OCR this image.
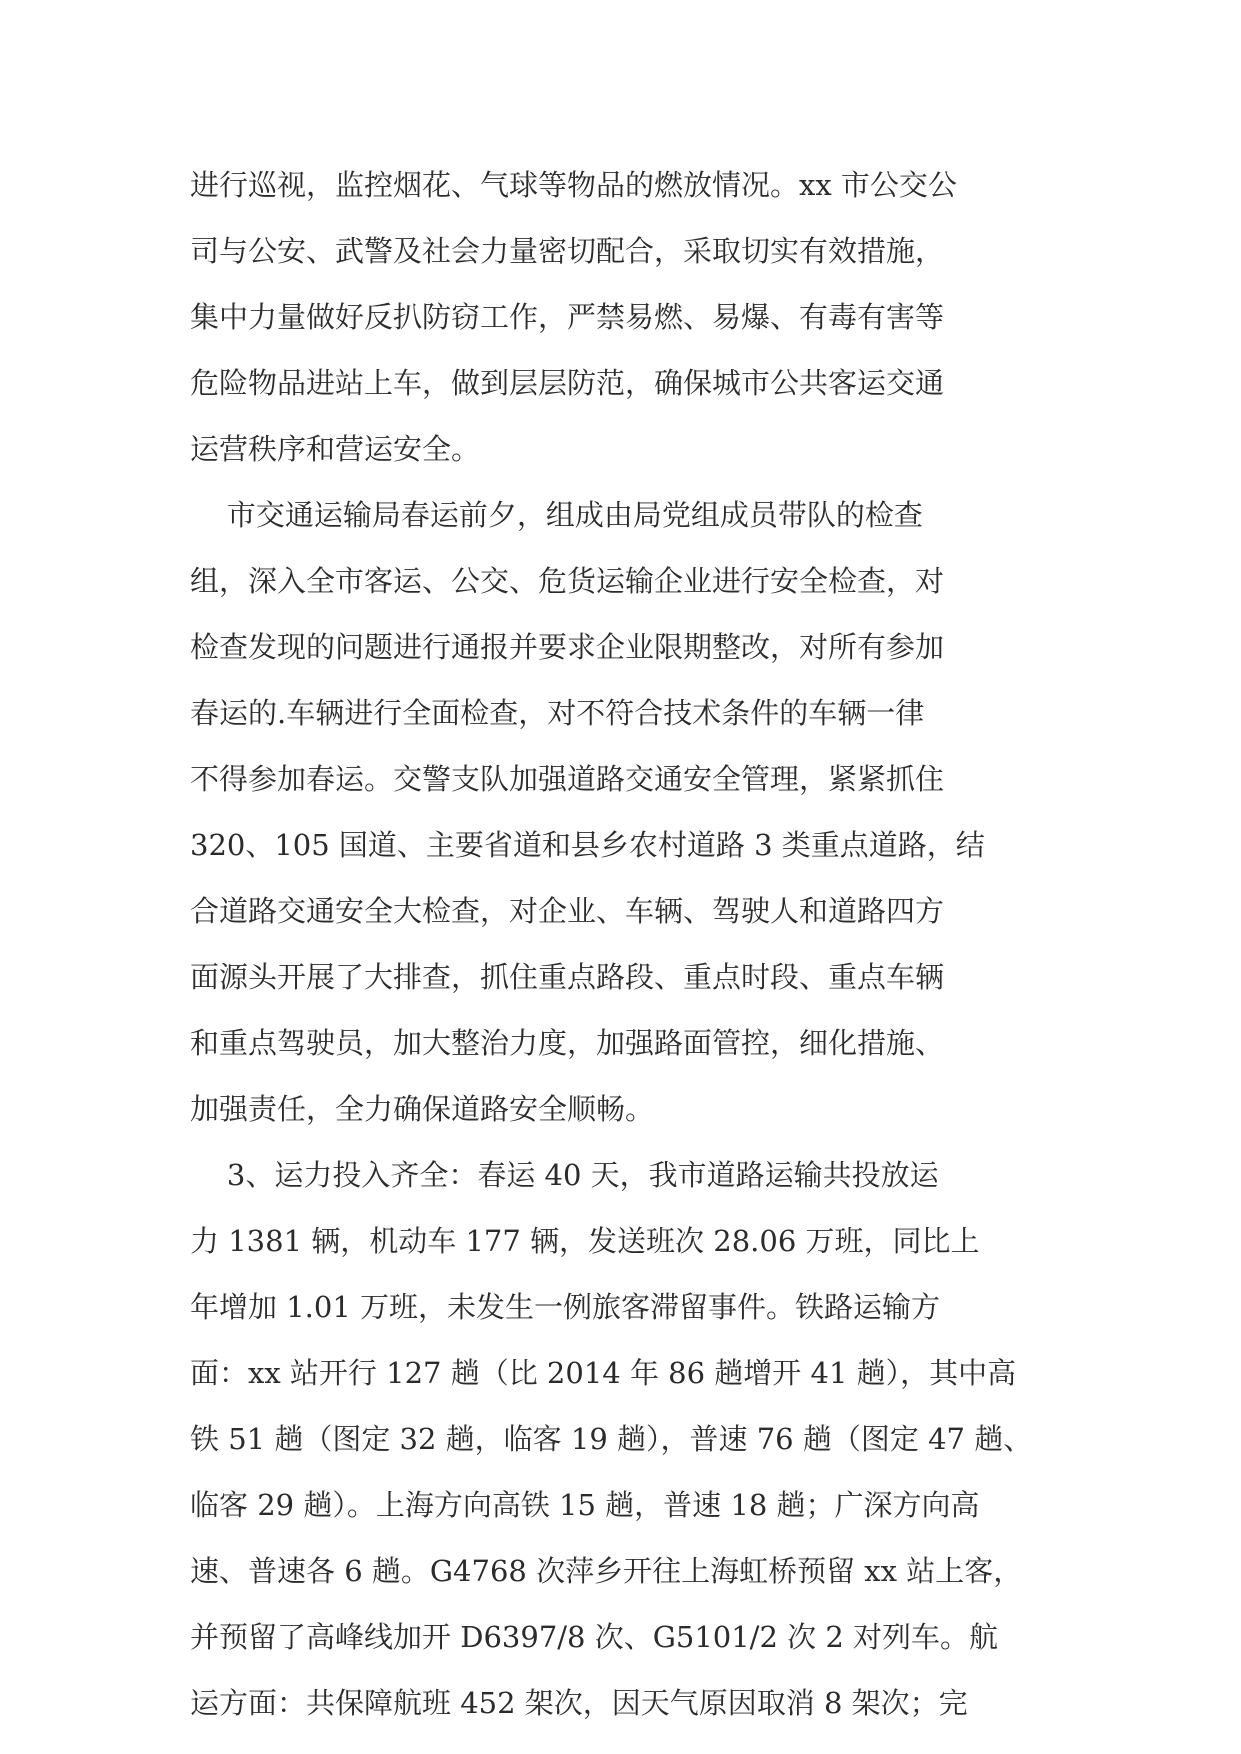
进行巡视，监控烟花、气球等物品的燃放情况。xx 市公交公
司与公安、武警及社会力量密切配合，采取切实有效措施，
集中力量做好反扒防窃工作，严禁易燃、易爆、有毒有害等
危险物品进站上车，做到层层防范，确保城市公共客运交通
运营秩序和营运安全。
市交通运输局春运前夕，组成由局党组成员带队的检查
组，深入全市客运、公交、危货运输企业进行安全检查，对
检查发现的问题进行通报并要求企业限期整改，对所有参加
春运的.车辆进行全面检查，对不符合技术条件的车辆一律
不得参加春运。交警支队加强道路交通安全管理，紧紧抓住
320、105 国道、主要省道和县乡农村道路 3 类重点道路，结
合道路交通安全大检查，对企业、车辆、驾驶人和道路四方
面源头开展了大排查，抓住重点路段、重点时段、重点车辆
和重点驾驶员，加大整治力度，加强路面管控，细化措施、
加强责任，全力确保道路安全顺畅。
3、运力投入齐全：春运 40 天，我市道路运输共投放运
力 1381 辆，机动车 177 辆，发送班次 28.06 万班，同比上
年增加 1.01 万班，未发生一例旅客滞留事件。铁路运输方
面：xx 站开行 127 趟（比 2014 年 86 趟增开 41 趟），其中高
铁 51 趟（图定 32 趟，临客 19 趟），普速 76 趟（图定 47 趟、
临客 29 趟）。上海方向高铁 15 趟，普速 18 趟；广深方向高
速、普速各 6 趟。G4768 次萍乡开往上海虹桥预留 xx 站上客，
并预留了高峰线加开 D6397/8 次、G5101/2 次 2 对列车。航
运方面：共保障航班 452 架次，因天气原因取消 8 架次；完
